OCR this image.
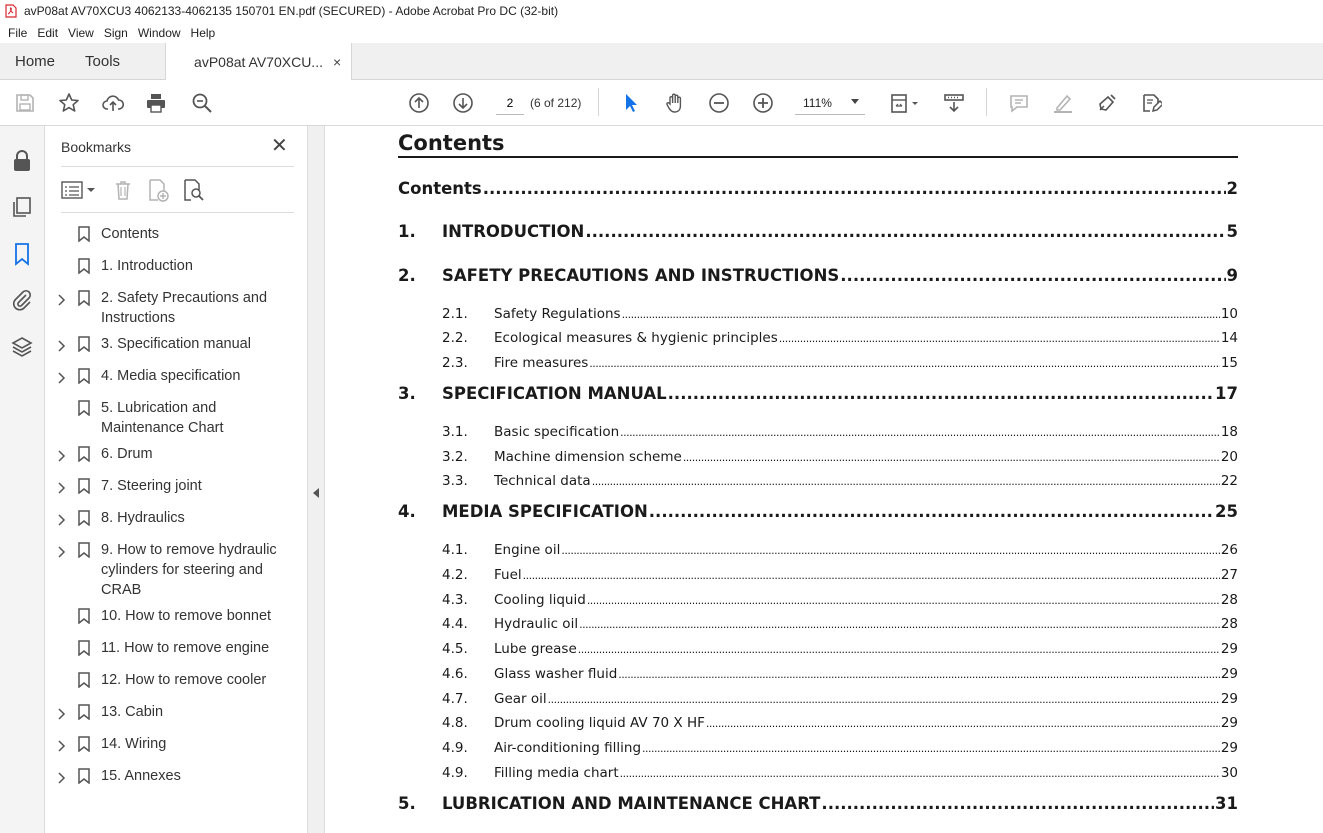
avP08at AV70XCU3 4062133-4062135 150701 EN.pdf (SECURED) - Adobe Acrobat Pro DC (32-bit)
File Edit View Sign Window Help
Home Tools	avP08at AV70XCU... ×
2
(6 of 212)	111%
Bookmarks	✕
Contents
1. Introduction
2. Safety Precautions and Instructions
3. Specification manual
4. Media specification
5. Lubrication and Maintenance Chart
6. Drum
7. Steering joint
8. Hydraulics
9. How to remove hydraulic cylinders for steering and CRAB
10. How to remove bonnet
11. How to remove engine
12. How to remove cooler
13. Cabin
14. Wiring
15. Annexes
Contents
Contents .....	2
1.	INTRODUCTION .....	5
2.	SAFETY PRECAUTIONS AND INSTRUCTIONS .....	9
2.1.	Safety Regulations .....	10
2.2.	Ecological measures & hygienic principles .....	14
2.3.	Fire measures .....	15
3.	SPECIFICATION MANUAL .....	17
3.1.	Basic specification .....	18
3.2.	Machine dimension scheme .....	20
3.3.	Technical data .....	22
4.	MEDIA SPECIFICATION .....	25
4.1.	Engine oil .....	26
4.2.	Fuel .....	27
4.3.	Cooling liquid .....	28
4.4.	Hydraulic oil .....	28
4.5.	Lube grease .....	29
4.6.	Glass washer fluid .....	29
4.7.	Gear oil .....	29
4.8.	Drum cooling liquid AV 70 X HF .....	29
4.9.	Air-conditioning filling .....	29
4.9.	Filling media chart .....	30
5.	LUBRICATION AND MAINTENANCE CHART .....	31
